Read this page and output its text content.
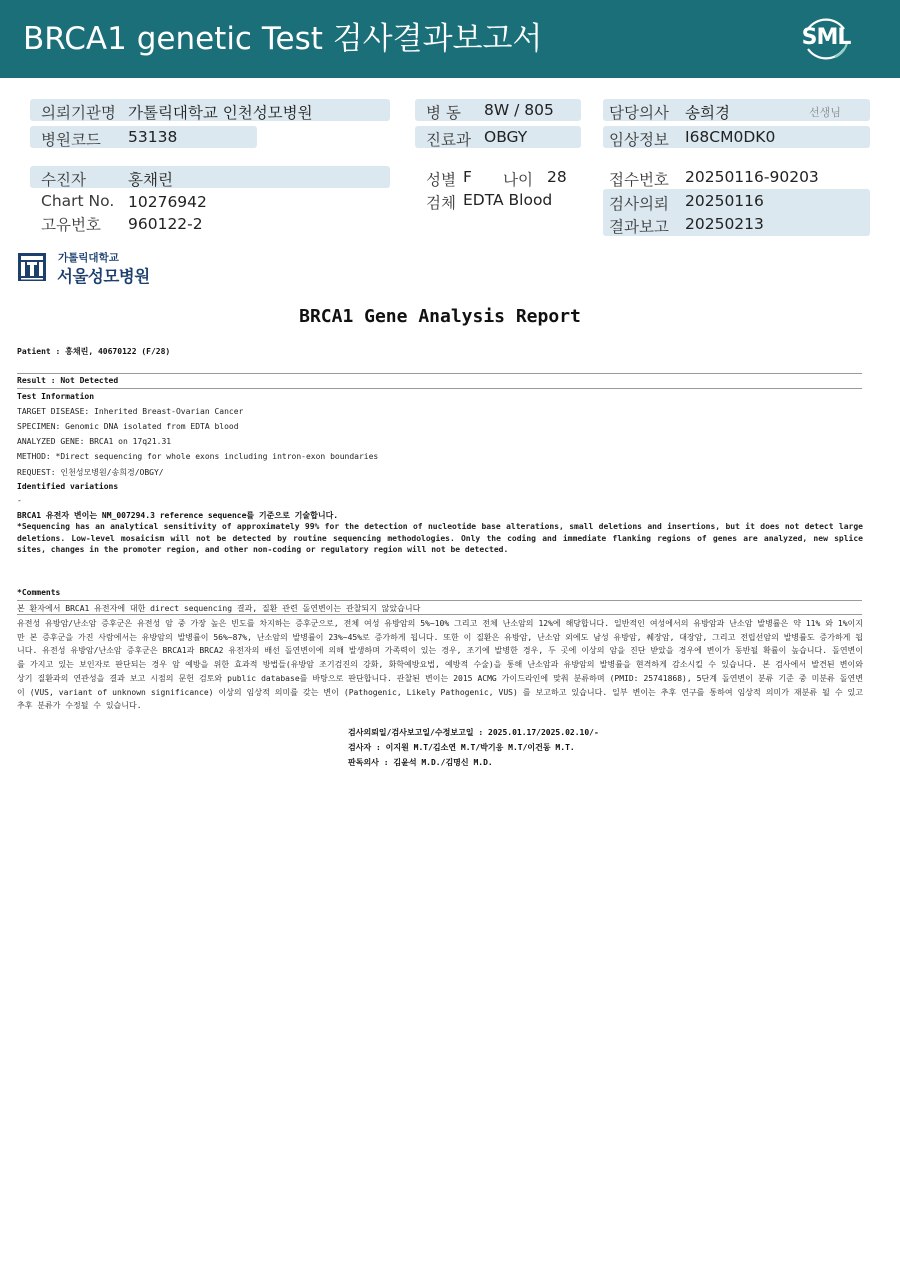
BRCA1 genetic Test 검사결과보고서	SML
의뢰기관명 가톨릭대학교 인천성모병원
병원코드 53138
병 동 8W / 805
진료과 OBGY
담당의사 송희경	선생님
임상정보 I68CM0DK0
수진자	홍채린
Chart No. 10276942
고유번호 960122-2
성별 F 나이 28
검체 EDTA Blood
접수번호 20250116-90203
검사의뢰 20250116
결과보고 20250213
가톨릭대학교
서울성모병원
BRCA1 Gene Analysis Report
Patient : 홍채린, 40670122 (F/28)
Result : Not Detected
Test Information
TARGET DISEASE: Inherited Breast-Ovarian Cancer
SPECIMEN: Genomic DNA isolated from EDTA blood
ANALYZED GENE: BRCA1 on 17q21.31
METHOD: *Direct sequencing for whole exons including intron-exon boundaries
REQUEST: 인천성모병원/송희경/OBGY/
Identified variations
-
BRCA1 유전자 변이는 NM_007294.3 reference sequence를 기준으로 기술합니다.
*Sequencing has an analytical sensitivity of approximately 99% for the detection of nucleotide base alterations, small deletions and insertions, but it does not detect large deletions. Low-level mosaicism will not be detected by routine sequencing methodologies. Only the coding and immediate flanking regions of genes are analyzed, new splice sites, changes in the promoter region, and other non-coding or regulatory region will not be detected.
*Comments
본 환자에서 BRCA1 유전자에 대한 direct sequencing 결과, 질환 관련 돌연변이는 관찰되지 않았습니다
유전성 유방암/난소암 증후군은 유전성 암 중 가장 높은 빈도를 차지하는 증후군으로, 전체 여성 유방암의 5%~10% 그리고 전체 난소암의 12%에 해당합니다. 일반적인 여성에서의 유방암과 난소암 발병률은 약 11% 와 1%이지만 본 증후군을 가진 사람에서는 유방암의 발병률이 56%~87%, 난소암의 발병률이 23%~45%로 증가하게 됩니다. 또한 이 질환은 유방암, 난소암 외에도 남성 유방암, 췌장암, 대장암, 그리고 전립선암의 발병률도 증가하게 됩니다. 유전성 유방암/난소암 증후군은 BRCA1과 BRCA2 유전자의 배선 돌연변이에 의해 발생하며 가족력이 있는 경우, 조기에 발병한 경우, 두 곳에 이상의 암을 진단 받았을 경우에 변이가 동반될 확률이 높습니다. 돌연변이를 가지고 있는 보인자로 판단되는 경우 암 예방을 위한 효과적 방법들(유방암 조기검진의 강화, 화학예방요법, 예방적 수술)을 통해 난소암과 유방암의 발병률을 현격하게 감소시킬 수 있습니다. 본 검사에서 발견된 변이와 상기 질환과의 연관성을 결과 보고 시점의 문헌 검토와 public database를 바탕으로 판단합니다. 관찰된 변이는 2015 ACMG 가이드라인에 맞춰 분류하며 (PMID: 25741868), 5단계 돌연변이 분류 기준 중 미분류 돌연변이 (VUS, variant of unknown significance) 이상의 임상적 의미를 갖는 변이 (Pathogenic, Likely Pathogenic, VUS) 를 보고하고 있습니다. 일부 변이는 추후 연구를 통하여 임상적 의미가 재분류 될 수 있고 추후 분류가 수정될 수 있습니다.
검사의뢰일/검사보고일/수정보고일 : 2025.01.17/2025.02.10/-
검사자 : 이지원 M.T/김소연 M.T/박기응 M.T/이건동 M.T.
판독의사 : 김윤석 M.D./김명신 M.D.
